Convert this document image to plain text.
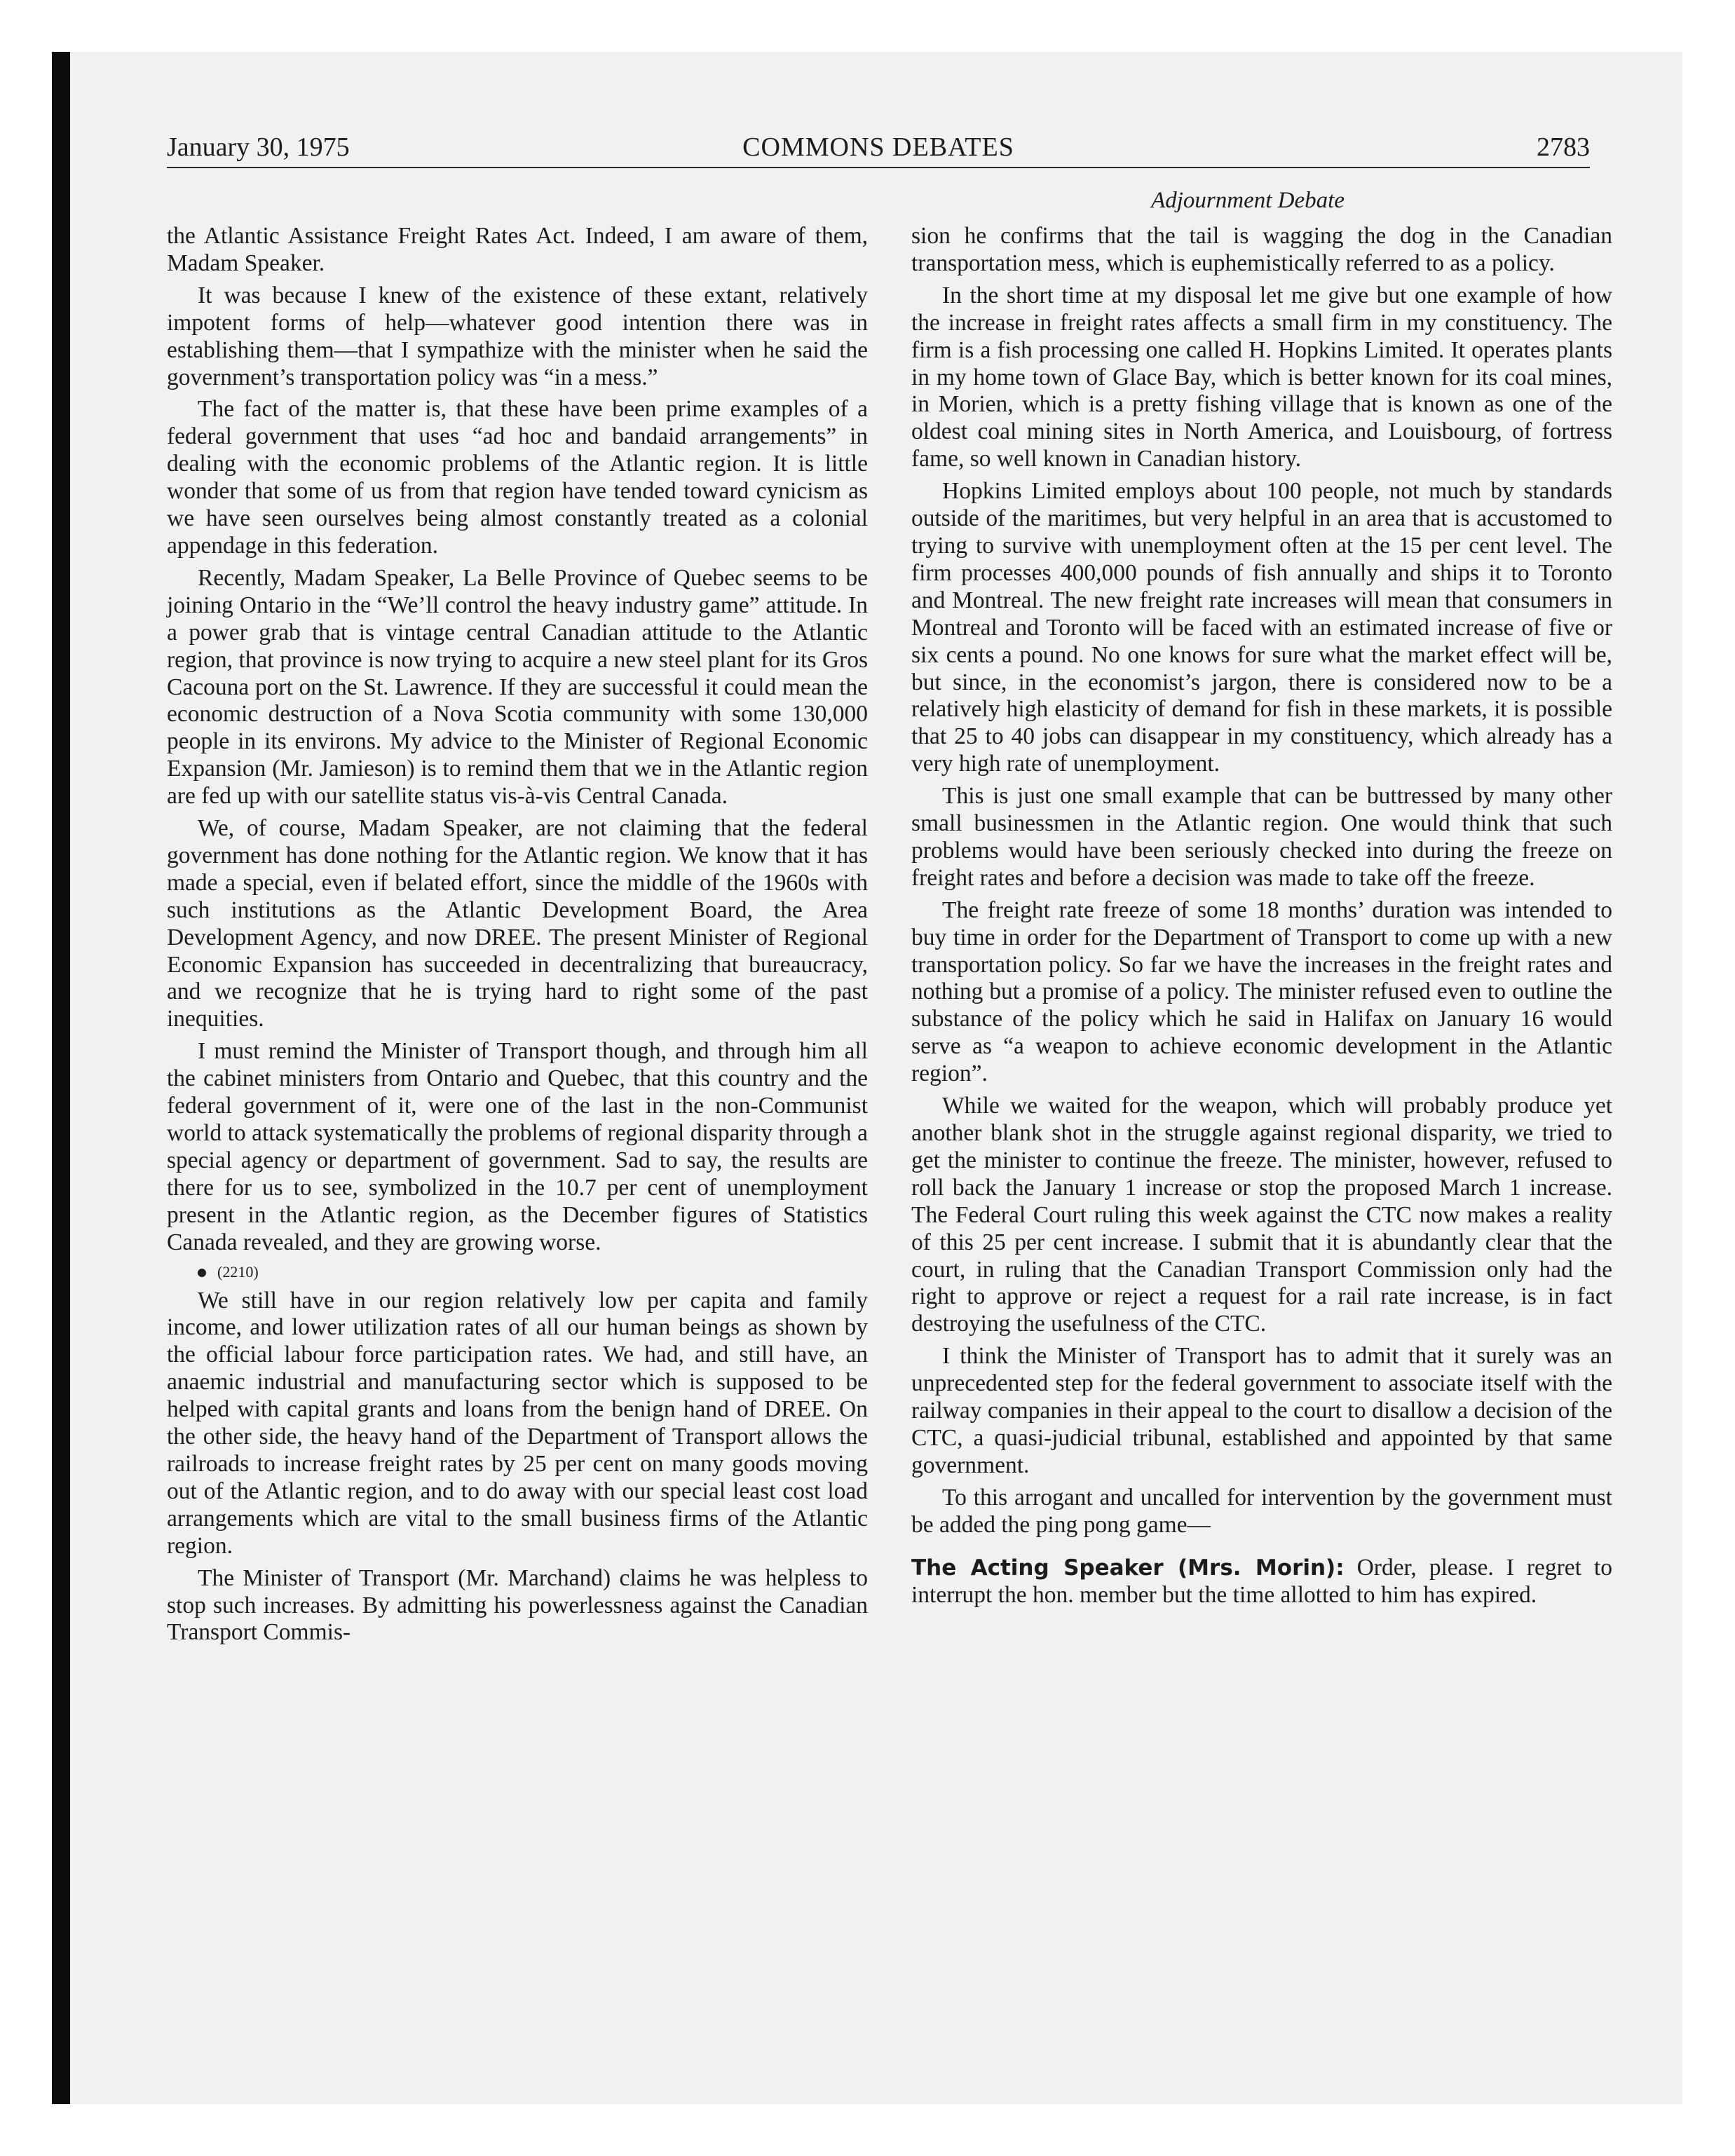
January 30, 1975	COMMONS DEBATES	2783
Adjournment Debate

the Atlantic Assistance Freight Rates Act. Indeed, I am aware of them, Madam Speaker.

It was because I knew of the existence of these extant, relatively impotent forms of help—whatever good intention there was in establishing them—that I sympathize with the minister when he said the government’s transportation policy was “in a mess.”

The fact of the matter is, that these have been prime examples of a federal government that uses “ad hoc and bandaid arrangements” in dealing with the economic problems of the Atlantic region. It is little wonder that some of us from that region have tended toward cynicism as we have seen ourselves being almost constantly treated as a colonial appendage in this federation.

Recently, Madam Speaker, La Belle Province of Quebec seems to be joining Ontario in the “We’ll control the heavy industry game” attitude. In a power grab that is vintage central Canadian attitude to the Atlantic region, that province is now trying to acquire a new steel plant for its Gros Cacouna port on the St. Lawrence. If they are successful it could mean the economic destruction of a Nova Scotia community with some 130,000 people in its environs. My advice to the Minister of Regional Economic Expansion (Mr. Jamieson) is to remind them that we in the Atlantic region are fed up with our satellite status vis-à-vis Central Canada.

We, of course, Madam Speaker, are not claiming that the federal government has done nothing for the Atlantic region. We know that it has made a special, even if belated effort, since the middle of the 1960s with such institutions as the Atlantic Development Board, the Area Development Agency, and now DREE. The present Minister of Regional Economic Expansion has succeeded in decentralizing that bureaucracy, and we recognize that he is trying hard to right some of the past inequities.

I must remind the Minister of Transport though, and through him all the cabinet ministers from Ontario and Quebec, that this country and the federal government of it, were one of the last in the non-Communist world to attack systematically the problems of regional disparity through a special agency or department of government. Sad to say, the results are there for us to see, symbolized in the 10.7 per cent of unemployment present in the Atlantic region, as the December figures of Statistics Canada revealed, and they are growing worse.

(2210)

We still have in our region relatively low per capita and family income, and lower utilization rates of all our human beings as shown by the official labour force participation rates. We had, and still have, an anaemic industrial and manufacturing sector which is supposed to be helped with capital grants and loans from the benign hand of DREE. On the other side, the heavy hand of the Department of Transport allows the railroads to increase freight rates by 25 per cent on many goods moving out of the Atlantic region, and to do away with our special least cost load arrangements which are vital to the small business firms of the Atlantic region.

The Minister of Transport (Mr. Marchand) claims he was helpless to stop such increases. By admitting his powerlessness against the Canadian Transport Commis-

sion he confirms that the tail is wagging the dog in the Canadian transportation mess, which is euphemistically referred to as a policy.

In the short time at my disposal let me give but one example of how the increase in freight rates affects a small firm in my constituency. The firm is a fish processing one called H. Hopkins Limited. It operates plants in my home town of Glace Bay, which is better known for its coal mines, in Morien, which is a pretty fishing village that is known as one of the oldest coal mining sites in North America, and Louisbourg, of fortress fame, so well known in Canadian history.

Hopkins Limited employs about 100 people, not much by standards outside of the maritimes, but very helpful in an area that is accustomed to trying to survive with unemployment often at the 15 per cent level. The firm processes 400,000 pounds of fish annually and ships it to Toronto and Montreal. The new freight rate increases will mean that consumers in Montreal and Toronto will be faced with an estimated increase of five or six cents a pound. No one knows for sure what the market effect will be, but since, in the economist’s jargon, there is considered now to be a relatively high elasticity of demand for fish in these markets, it is possible that 25 to 40 jobs can disappear in my constituency, which already has a very high rate of unemployment.

This is just one small example that can be buttressed by many other small businessmen in the Atlantic region. One would think that such problems would have been seriously checked into during the freeze on freight rates and before a decision was made to take off the freeze.

The freight rate freeze of some 18 months’ duration was intended to buy time in order for the Department of Transport to come up with a new transportation policy. So far we have the increases in the freight rates and nothing but a promise of a policy. The minister refused even to outline the substance of the policy which he said in Halifax on January 16 would serve as “a weapon to achieve economic development in the Atlantic region”.

While we waited for the weapon, which will probably produce yet another blank shot in the struggle against regional disparity, we tried to get the minister to continue the freeze. The minister, however, refused to roll back the January 1 increase or stop the proposed March 1 increase. The Federal Court ruling this week against the CTC now makes a reality of this 25 per cent increase. I submit that it is abundantly clear that the court, in ruling that the Canadian Transport Commission only had the right to approve or reject a request for a rail rate increase, is in fact destroying the usefulness of the CTC.

I think the Minister of Transport has to admit that it surely was an unprecedented step for the federal government to associate itself with the railway companies in their appeal to the court to disallow a decision of the CTC, a quasi-judicial tribunal, established and appointed by that same government.

To this arrogant and uncalled for intervention by the government must be added the ping pong game—

The Acting Speaker (Mrs. Morin): Order, please. I regret to interrupt the hon. member but the time allotted to him has expired.
